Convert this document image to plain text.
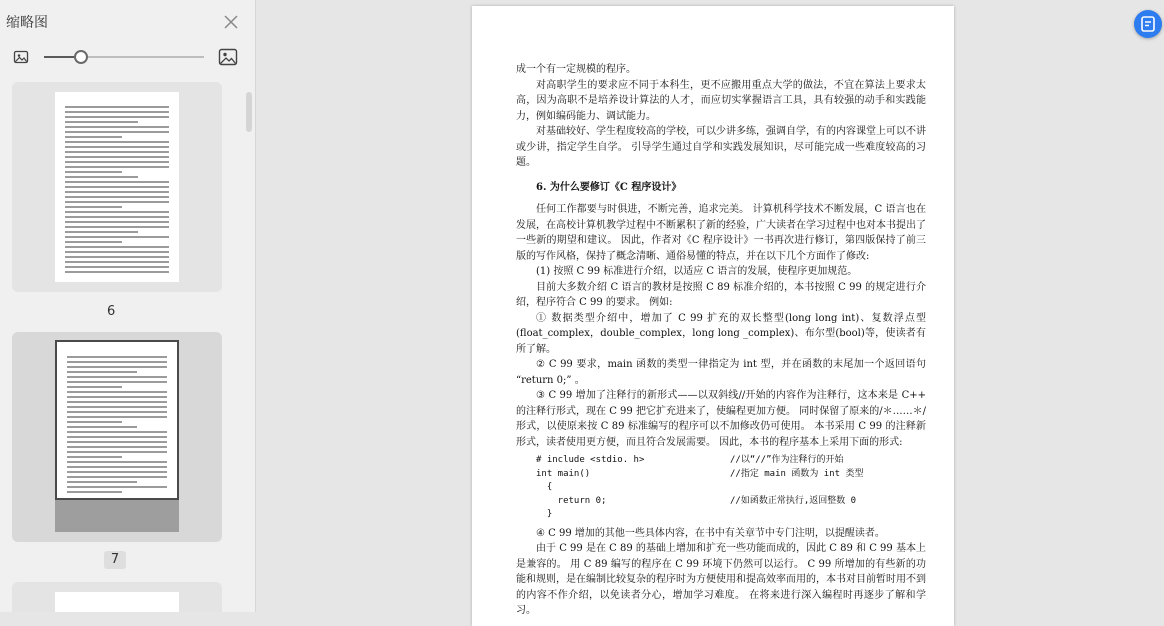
缩略图
6
7

成一个有一定规模的程序。

对高职学生的要求应不同于本科生，更不应搬用重点大学的做法，不宜在算法上要求太高，因为高职不是培养设计算法的人才，而应切实掌握语言工具，具有较强的动手和实践能力，例如编码能力、调试能力。

对基础较好、学生程度较高的学校，可以少讲多练，强调自学，有的内容课堂上可以不讲或少讲，指定学生自学。 引导学生通过自学和实践发展知识，尽可能完成一些难度较高的习题。

6. 为什么要修订《C 程序设计》

任何工作都要与时俱进，不断完善，追求完美。 计算机科学技术不断发展，C 语言也在发展，在高校计算机教学过程中不断累积了新的经验，广大读者在学习过程中也对本书提出了一些新的期望和建议。 因此，作者对《C 程序设计》一书再次进行修订，第四版保持了前三版的写作风格，保持了概念清晰、通俗易懂的特点，并在以下几个方面作了修改:

(1) 按照 C 99 标准进行介绍，以适应 C 语言的发展，使程序更加规范。

目前大多数介绍 C 语言的教材是按照 C 89 标准介绍的，本书按照 C 99 的规定进行介绍，程序符合 C 99 的要求。 例如:

① 数据类型介绍中，增加了 C 99 扩充的双长整型(long long int)、复数浮点型(float_complex，double_complex，long long _complex)、布尔型(bool)等，使读者有所了解。

② C 99 要求，main 函数的类型一律指定为 int 型，并在函数的末尾加一个返回语句 “return 0;” 。

③ C 99 增加了注释行的新形式——以双斜线//开始的内容作为注释行，这本来是 C++ 的注释行形式，现在 C 99 把它扩充进来了，使编程更加方便。 同时保留了原来的/＊……＊/形式，以使原来按 C 89 标准编写的程序可以不加修改仍可使用。 本书采用 C 99 的注释新形式，读者使用更方便，而且符合发展需要。 因此，本书的程序基本上采用下面的形式:

# include <stdio. h>	//以“//”作为注释行的开始
int main()	//指定 main 函数为 int 类型
{
return 0;	//如函数正常执行,返回整数 0
}

④ C 99 增加的其他一些具体内容，在书中有关章节中专门注明，以提醒读者。

由于 C 99 是在 C 89 的基础上增加和扩充一些功能而成的，因此 C 89 和 C 99 基本上是兼容的。 用 C 89 编写的程序在 C 99 环境下仍然可以运行。 C 99 所增加的有些新的功能和规则，是在编制比较复杂的程序时为方便使用和提高效率而用的，本书对目前暂时用不到的内容不作介绍，以免读者分心，增加学习难度。 在将来进行深入编程时再逐步了解和学习。
